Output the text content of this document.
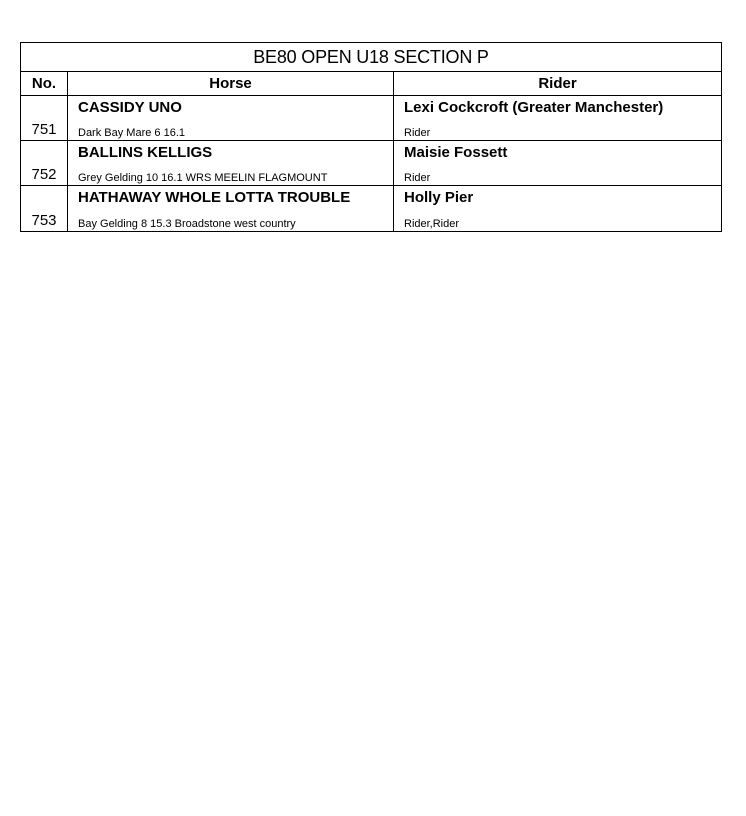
BE80 OPEN U18 SECTION P
No.	Horse	Rider
751
CASSIDY UNO
Dark Bay Mare 6 16.1
Lexi Cockcroft (Greater Manchester)
Rider
752
BALLINS KELLIGS
Grey Gelding 10 16.1 WRS MEELIN FLAGMOUNT
Maisie Fossett
Rider
753
HATHAWAY WHOLE LOTTA TROUBLE
Bay Gelding 8 15.3 Broadstone west country
Holly Pier
Rider,Rider
